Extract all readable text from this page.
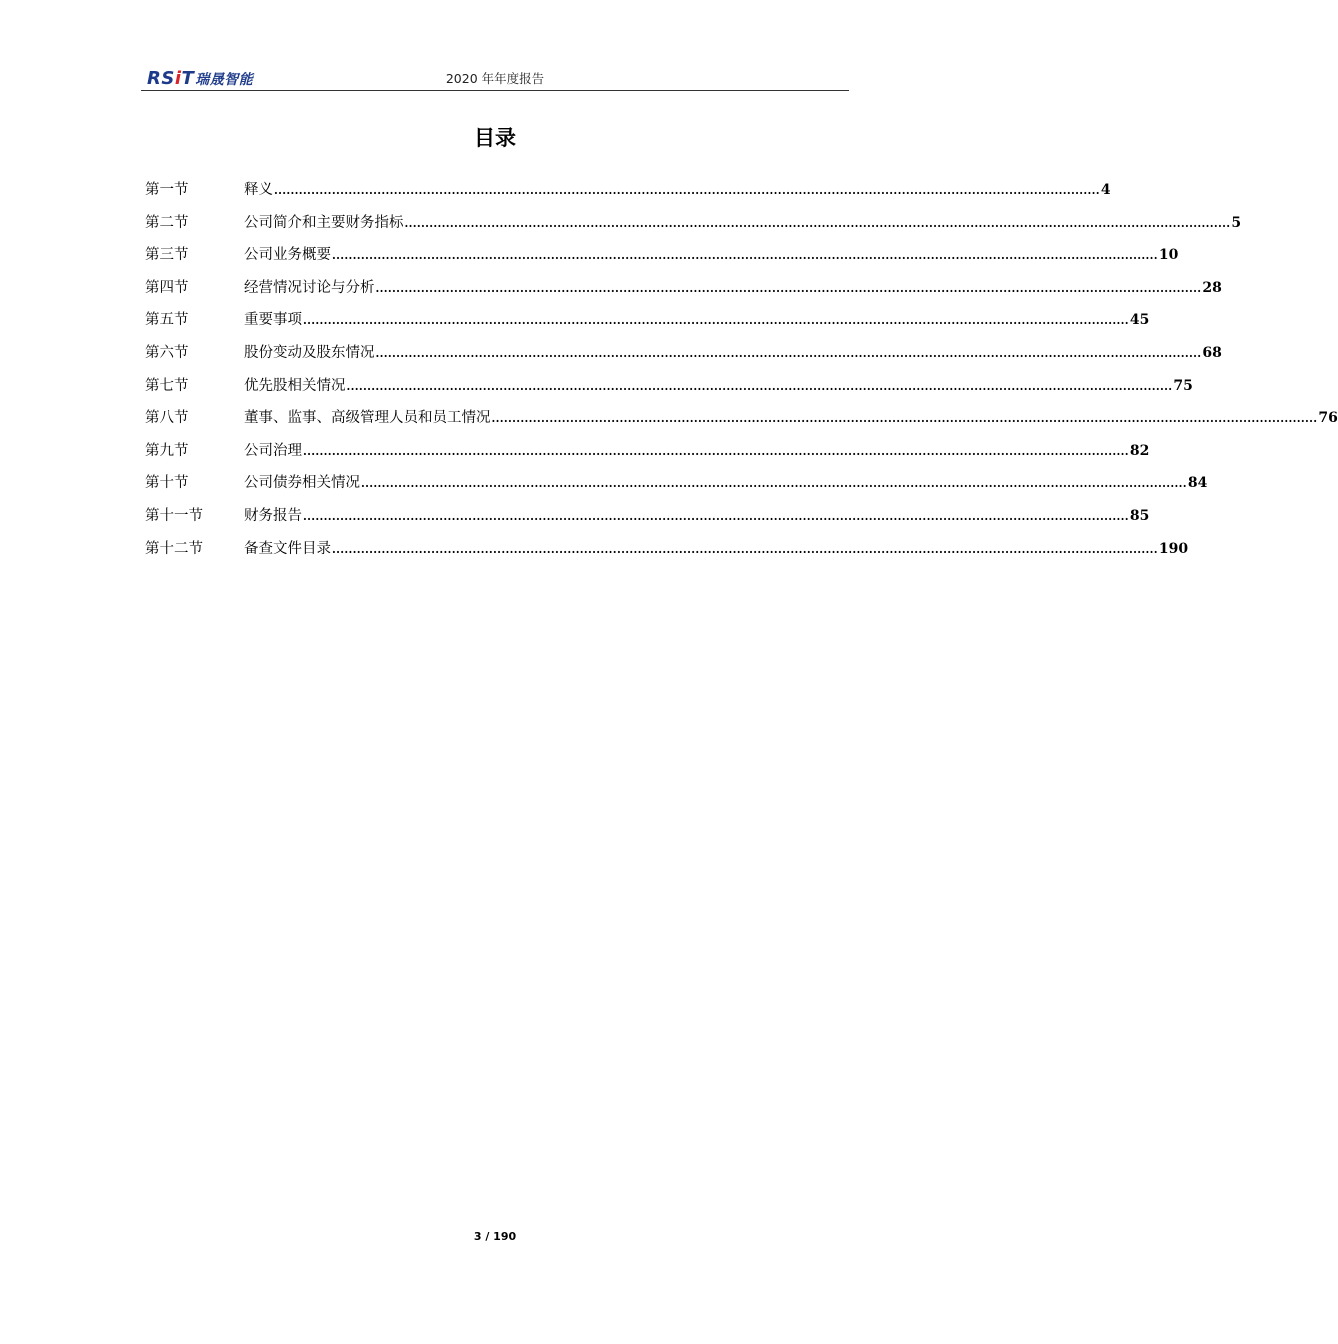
RSiT瑞晟智能	2020 年年度报告
目录
第一节	释义 ........................................................................................................................................................................................................ 4
第二节	公司简介和主要财务指标 ........................................................................................................................................................................................................ 5
第三节	公司业务概要 ........................................................................................................................................................................................................ 10
第四节	经营情况讨论与分析 ........................................................................................................................................................................................................ 28
第五节	重要事项 ........................................................................................................................................................................................................ 45
第六节	股份变动及股东情况 ........................................................................................................................................................................................................ 68
第七节	优先股相关情况 ........................................................................................................................................................................................................ 75
第八节	董事、监事、高级管理人员和员工情况 ........................................................................................................................................................................................................ 76
第九节	公司治理 ........................................................................................................................................................................................................ 82
第十节	公司债券相关情况 ........................................................................................................................................................................................................ 84
第十一节	财务报告 ........................................................................................................................................................................................................ 85
第十二节	备查文件目录 ........................................................................................................................................................................................................ 190
3 / 190
